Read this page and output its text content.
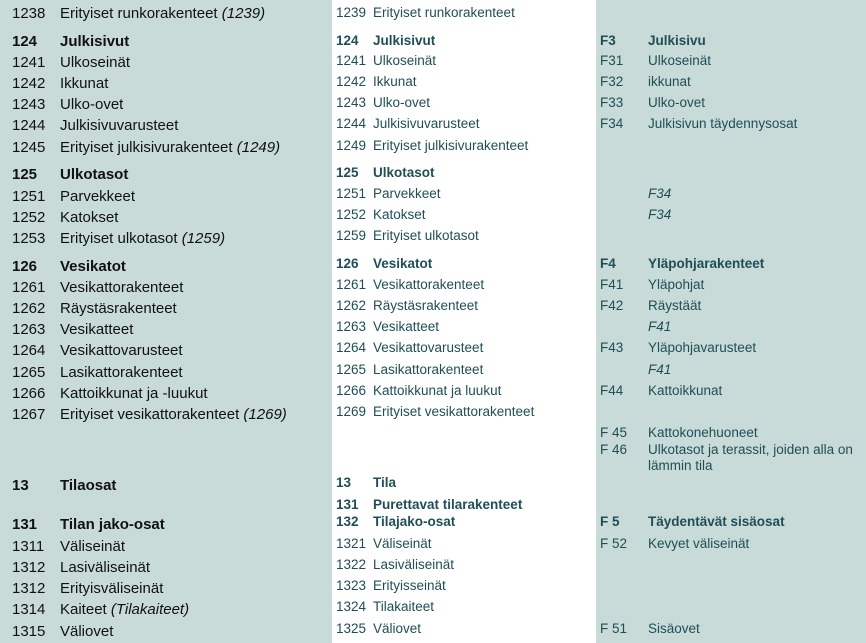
1238 Erityiset runkorakenteet (1239)
124 Julkisivut
1241 Ulkoseinät
1242 Ikkunat
1243 Ulko-ovet
1244 Julkisivuvarusteet
1245 Erityiset julkisivurakenteet (1249)
125 Ulkotasot
1251 Parvekkeet
1252 Katokset
1253 Erityiset ulkotasot (1259)
126 Vesikatot
1261 Vesikattorakenteet
1262 Räystäsrakenteet
1263 Vesikatteet
1264 Vesikattovarusteet
1265 Lasikattorakenteet
1266 Kattoikkunat ja -luukut
1267 Erityiset vesikattorakenteet (1269)
13 Tilaosat
131 Tilan jako-osat
1311 Väliseinät
1312 Lasiväliseinät
1312 Erityisväliseinät
1314 Kaiteet (Tilakaiteet)
1315 Väliovet
1239 Erityiset runkorakenteet
124 Julkisivut
1241 Ulkoseinät
1242 Ikkunat
1243 Ulko-ovet
1244 Julkisivuvarusteet
1249 Erityiset julkisivurakenteet
125 Ulkotasot
1251 Parvekkeet
1252 Katokset
1259 Erityiset ulkotasot
126 Vesikatot
1261 Vesikattorakenteet
1262 Räystäsrakenteet
1263 Vesikatteet
1264 Vesikattovarusteet
1265 Lasikattorakenteet
1266 Kattoikkunat ja luukut
1269 Erityiset vesikattorakenteet
13 Tila
131 Purettavat tilarakenteet
132 Tilajako-osat
1321 Väliseinät
1322 Lasiväliseinät
1323 Erityisseinät
1324 Tilakaiteet
1325 Väliovet
F3 Julkisivu
F31 Ulkoseinät
F32 ikkunat
F33 Ulko-ovet
F34 Julkisivun täydennysosat
F34
F34
F4 Yläpohjarakenteet
F41 Yläpohjat
F42 Räystäät
F41
F43 Yläpohjavarusteet
F41
F44 Kattoikkunat
F 45 Kattokonehuoneet
F 46 Ulkotasot ja terassit, joiden alla on
lämmin tila
F 5 Täydentävät sisäosat
F 52 Kevyet väliseinät
F 51 Sisäovet
